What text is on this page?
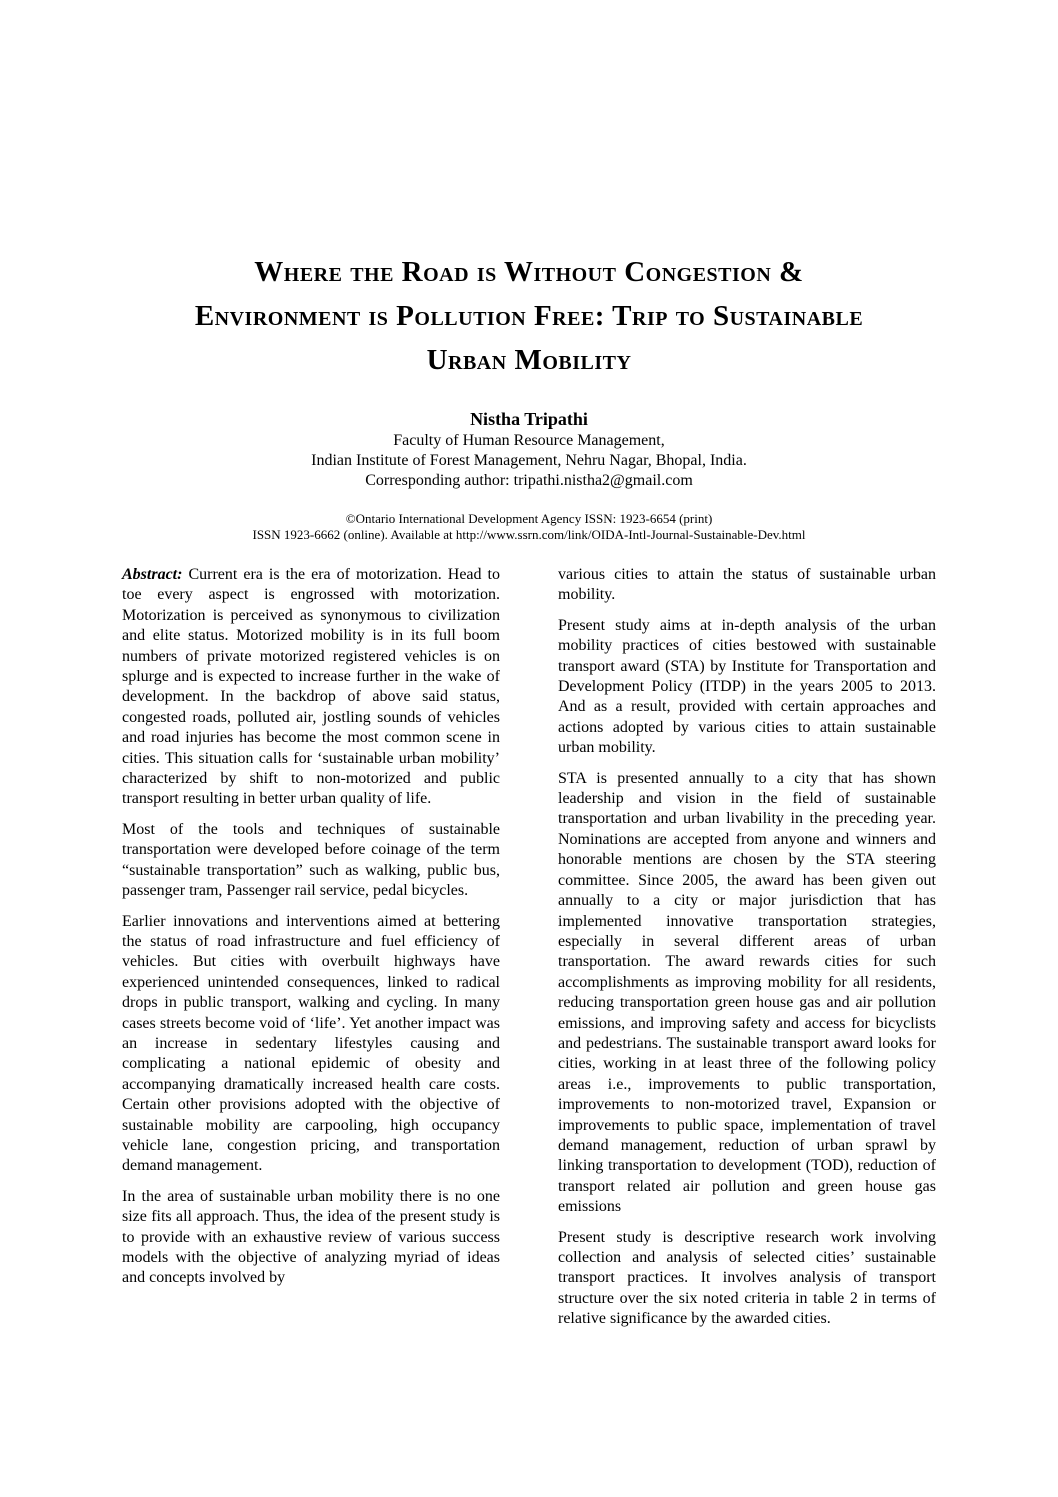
Where the Road is Without Congestion &
Environment is Pollution Free: Trip to Sustainable
Urban Mobility
Nistha Tripathi
Faculty of Human Resource Management,
Indian Institute of Forest Management, Nehru Nagar, Bhopal, India.
Corresponding author: tripathi.nistha2@gmail.com
©Ontario International Development Agency ISSN: 1923-6654 (print)
ISSN 1923-6662 (online). Available at http://www.ssrn.com/link/OIDA-Intl-Journal-Sustainable-Dev.html

Abstract: Current era is the era of motorization. Head to toe every aspect is engrossed with motorization. Motorization is perceived as synonymous to civilization and elite status. Motorized mobility is in its full boom numbers of private motorized registered vehicles is on splurge and is expected to increase further in the wake of development. In the backdrop of above said status, congested roads, polluted air, jostling sounds of vehicles and road injuries has become the most common scene in cities. This situation calls for ‘sustainable urban mobility’ characterized by shift to non-motorized and public transport resulting in better urban quality of life.

Most of the tools and techniques of sustainable transportation were developed before coinage of the term “sustainable transportation” such as walking, public bus, passenger tram, Passenger rail service, pedal bicycles.

Earlier innovations and interventions aimed at bettering the status of road infrastructure and fuel efficiency of vehicles. But cities with overbuilt highways have experienced unintended consequences, linked to radical drops in public transport, walking and cycling. In many cases streets become void of ‘life’. Yet another impact was an increase in sedentary lifestyles causing and complicating a national epidemic of obesity and accompanying dramatically increased health care costs. Certain other provisions adopted with the objective of sustainable mobility are carpooling, high occupancy vehicle lane, congestion pricing, and transportation demand management.

In the area of sustainable urban mobility there is no one size fits all approach. Thus, the idea of the present study is to provide with an exhaustive review of various success models with the objective of analyzing myriad of ideas and concepts involved by

various cities to attain the status of sustainable urban mobility.

Present study aims at in-depth analysis of the urban mobility practices of cities bestowed with sustainable transport award (STA) by Institute for Transportation and Development Policy (ITDP) in the years 2005 to 2013. And as a result, provided with certain approaches and actions adopted by various cities to attain sustainable urban mobility.

STA is presented annually to a city that has shown leadership and vision in the field of sustainable transportation and urban livability in the preceding year. Nominations are accepted from anyone and winners and honorable mentions are chosen by the STA steering committee. Since 2005, the award has been given out annually to a city or major jurisdiction that has implemented innovative transportation strategies, especially in several different areas of urban transportation. The award rewards cities for such accomplishments as improving mobility for all residents, reducing transportation green house gas and air pollution emissions, and improving safety and access for bicyclists and pedestrians. The sustainable transport award looks for cities, working in at least three of the following policy areas i.e., improvements to public transportation, improvements to non-motorized travel, Expansion or improvements to public space, implementation of travel demand management, reduction of urban sprawl by linking transportation to development (TOD), reduction of transport related air pollution and green house gas emissions

Present study is descriptive research work involving collection and analysis of selected cities’ sustainable transport practices. It involves analysis of transport structure over the six noted criteria in table 2 in terms of relative significance by the awarded cities.
